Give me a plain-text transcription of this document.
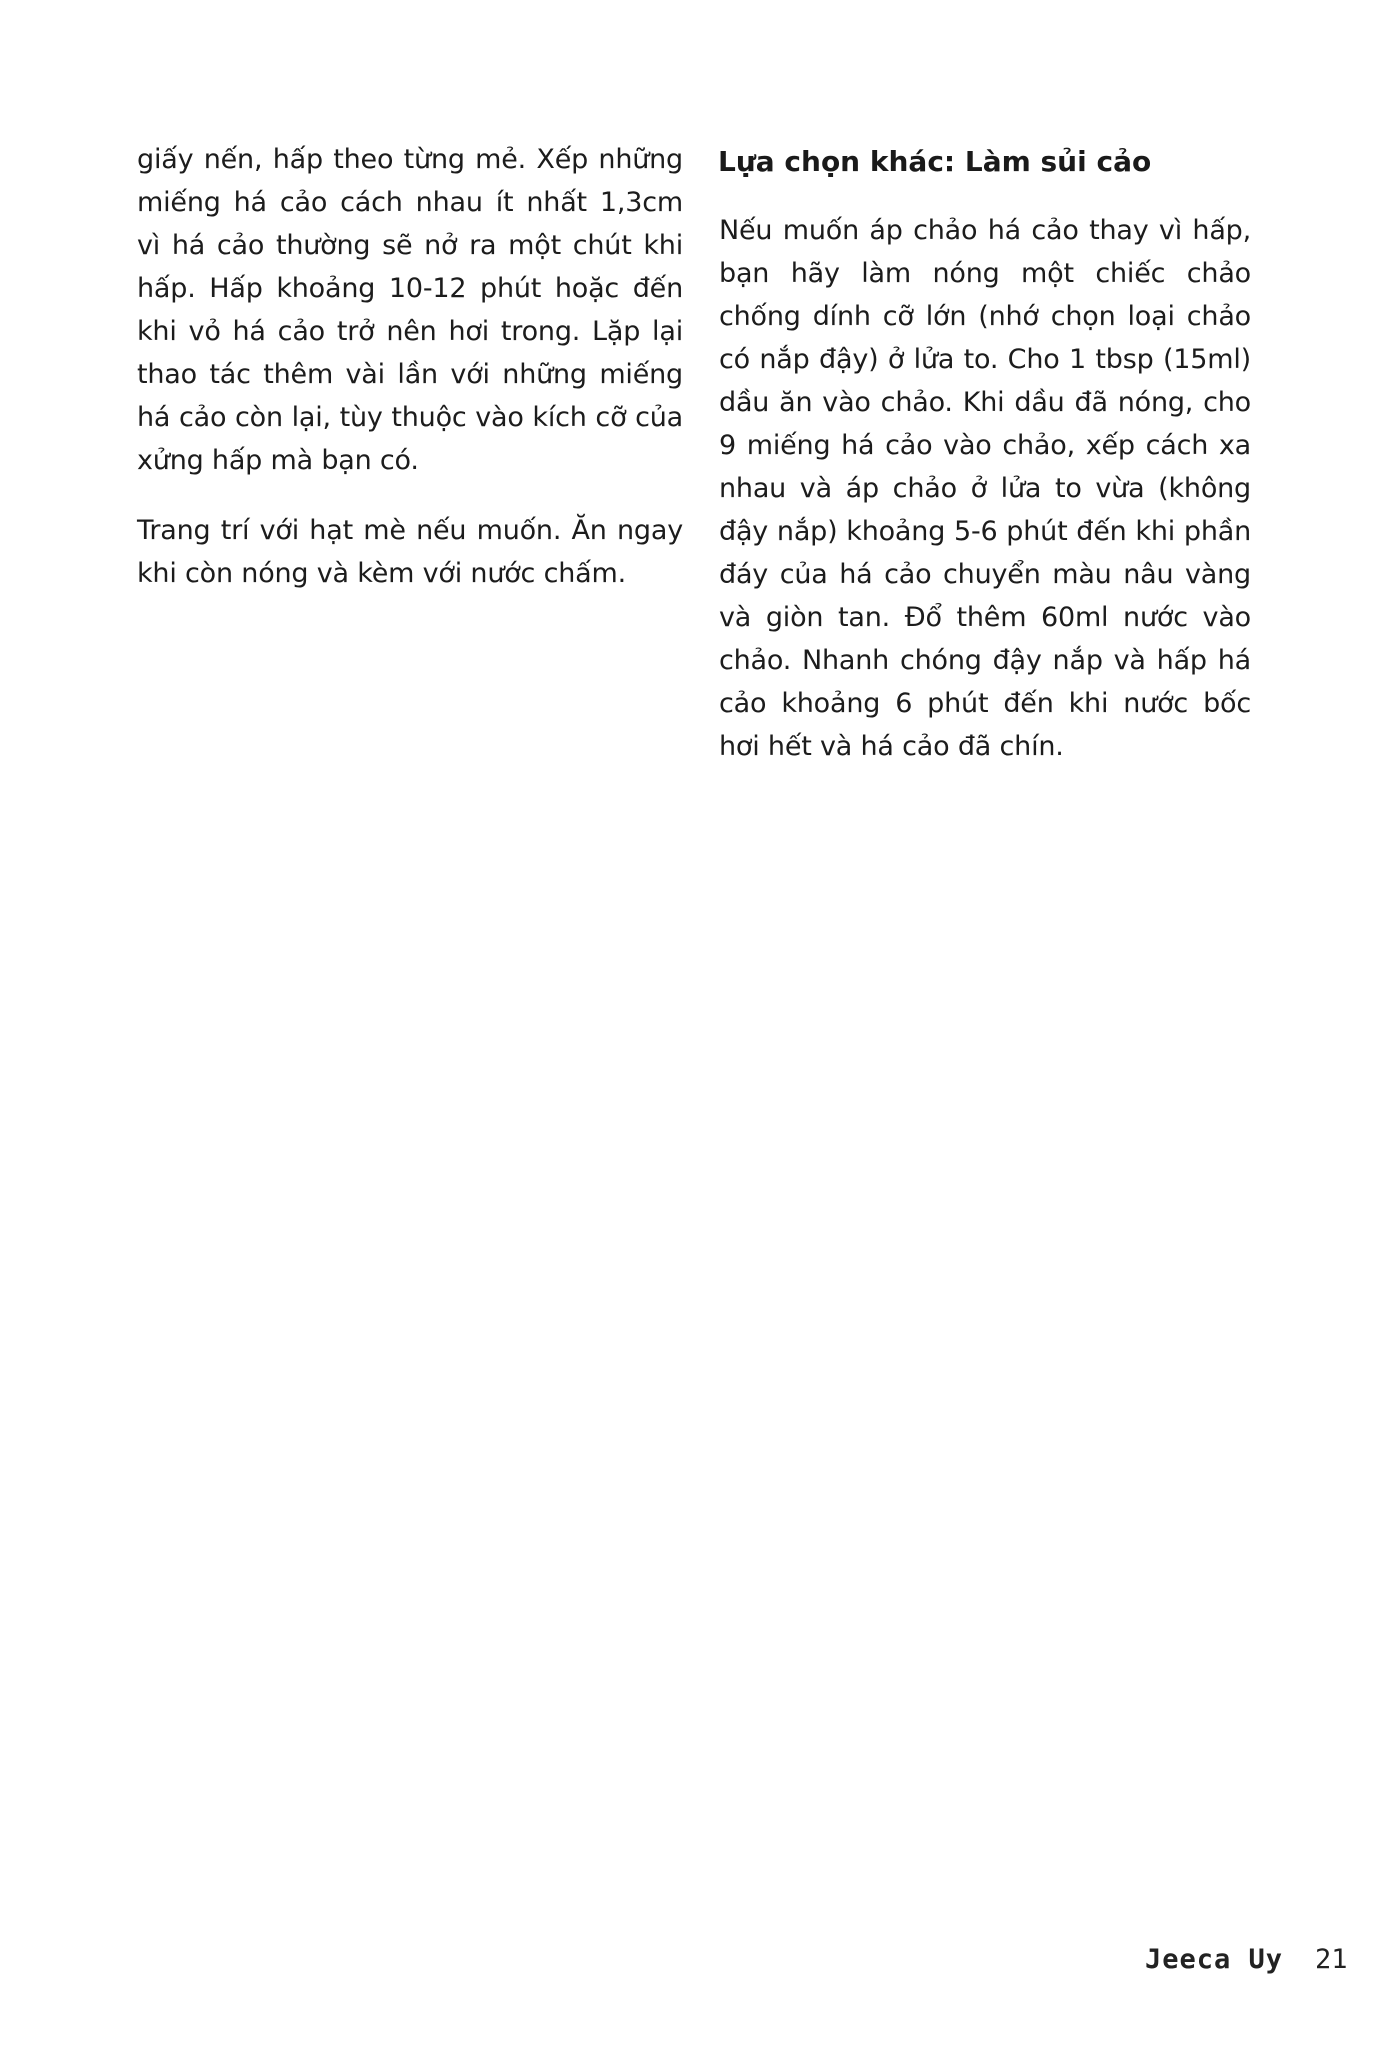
giấy nến, hấp theo từng mẻ. Xếp những
miếng há cảo cách nhau ít nhất 1,3cm
vì há cảo thường sẽ nở ra một chút khi
hấp. Hấp khoảng 10-12 phút hoặc đến
khi vỏ há cảo trở nên hơi trong. Lặp lại
thao tác thêm vài lần với những miếng
há cảo còn lại, tùy thuộc vào kích cỡ của
xửng hấp mà bạn có.
Trang trí với hạt mè nếu muốn. Ăn ngay
khi còn nóng và kèm với nước chấm.
Lựa chọn khác: Làm sủi cảo
Nếu muốn áp chảo há cảo thay vì hấp,
bạn hãy làm nóng một chiếc chảo
chống dính cỡ lớn (nhớ chọn loại chảo
có nắp đậy) ở lửa to. Cho 1 tbsp (15ml)
dầu ăn vào chảo. Khi dầu đã nóng, cho
9 miếng há cảo vào chảo, xếp cách xa
nhau và áp chảo ở lửa to vừa (không
đậy nắp) khoảng 5-6 phút đến khi phần
đáy của há cảo chuyển màu nâu vàng
và giòn tan. Đổ thêm 60ml nước vào
chảo. Nhanh chóng đậy nắp và hấp há
cảo khoảng 6 phút đến khi nước bốc
hơi hết và há cảo đã chín.
Jeeca Uy 21
